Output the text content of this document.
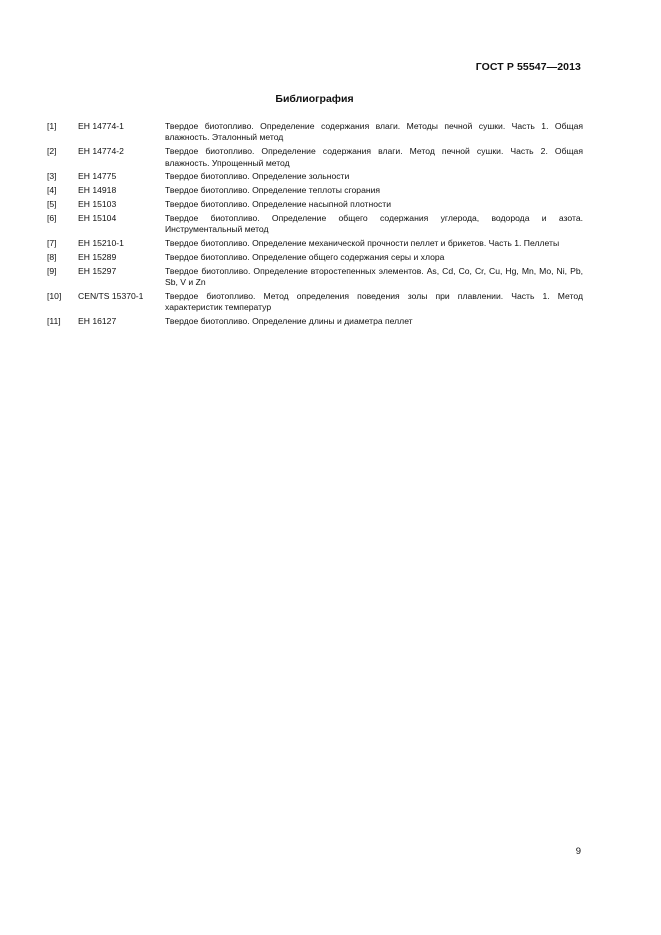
ГОСТ Р 55547—2013
Библиография
[1]	ЕН 14774-1	Твердое биотопливо. Определение содержания влаги. Методы печной сушки. Часть 1. Общая влажность. Эталонный метод
[2]	ЕН 14774-2	Твердое биотопливо. Определение содержания влаги. Метод печной сушки. Часть 2. Общая влажность. Упрощенный метод
[3]	ЕН 14775	Твердое биотопливо. Определение зольности
[4]	ЕН 14918	Твердое биотопливо. Определение теплоты сгорания
[5]	ЕН 15103	Твердое биотопливо. Определение насыпной плотности
[6]	ЕН 15104	Твердое биотопливо. Определение общего содержания углерода, водорода и азота. Инструментальный метод
[7]	ЕН 15210-1	Твердое биотопливо. Определение механической прочности пеллет и брикетов. Часть 1. Пеллеты
[8]	ЕН 15289	Твердое биотопливо. Определение общего содержания серы и хлора
[9]	ЕН 15297	Твердое биотопливо. Определение второстепенных элементов. As, Cd, Co, Cr, Cu, Hg, Mn, Mo, Ni, Pb, Sb, V и Zn
[10]	CEN/TS 15370-1	Твердое биотопливо. Метод определения поведения золы при плавлении. Часть 1. Метод характеристик температур
[11]	ЕН 16127	Твердое биотопливо. Определение длины и диаметра пеллет
9
